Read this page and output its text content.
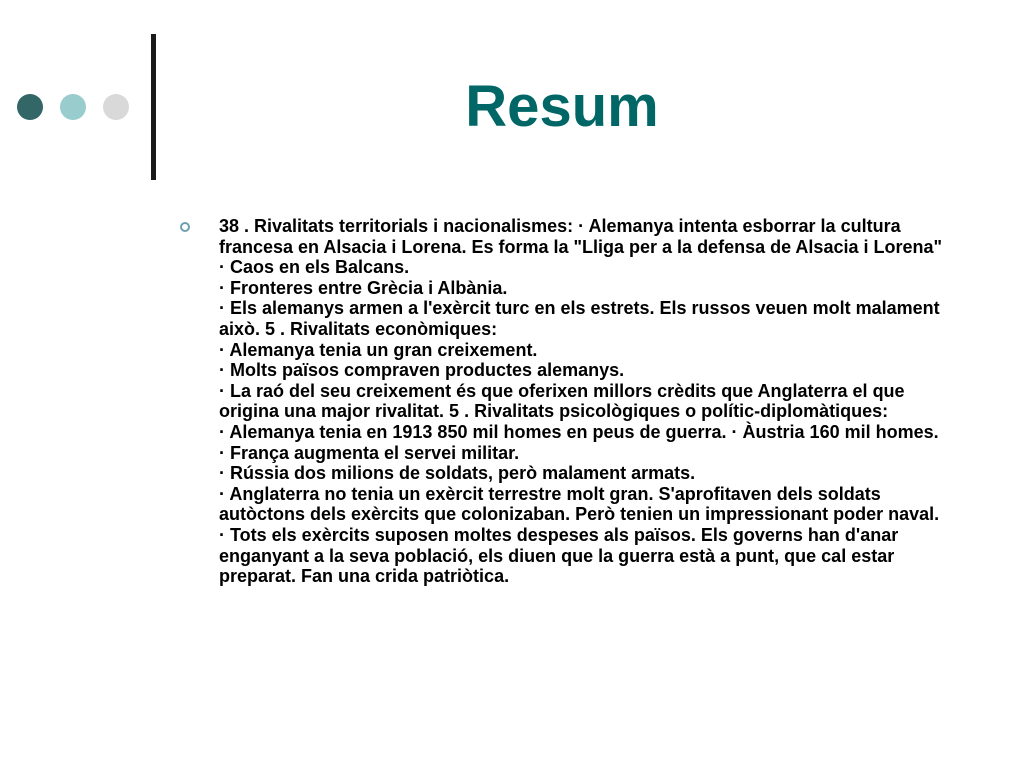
Resum
38 . Rivalitats territorials i nacionalismes: · Alemanya intenta esborrar la cultura francesa en Alsacia i Lorena. Es forma la "Lliga per a la defensa de Alsacia i Lorena"
· Caos en els Balcans.
· Fronteres entre Grècia i Albània.
· Els alemanys armen a l'exèrcit turc en els estrets. Els russos veuen molt malament això. 5 . Rivalitats econòmiques:
· Alemanya tenia un gran creixement.
· Molts països compraven productes alemanys.
· La raó del seu creixement és que oferixen millors crèdits que Anglaterra el que origina una major rivalitat. 5 . Rivalitats psicològiques o polític-diplomàtiques:
· Alemanya tenia en 1913 850 mil homes en peus de guerra. · Àustria 160 mil homes.
· França augmenta el servei militar.
· Rússia dos milions de soldats, però malament armats.
· Anglaterra no tenia un exèrcit terrestre molt gran. S'aprofitaven dels soldats autòctons dels exèrcits que colonizaban. Però tenien un impressionant poder naval.
· Tots els exèrcits suposen moltes despeses als països. Els governs han d'anar enganyant a la seva població, els diuen que la guerra està a punt, que cal estar preparat. Fan una crida patriòtica.
